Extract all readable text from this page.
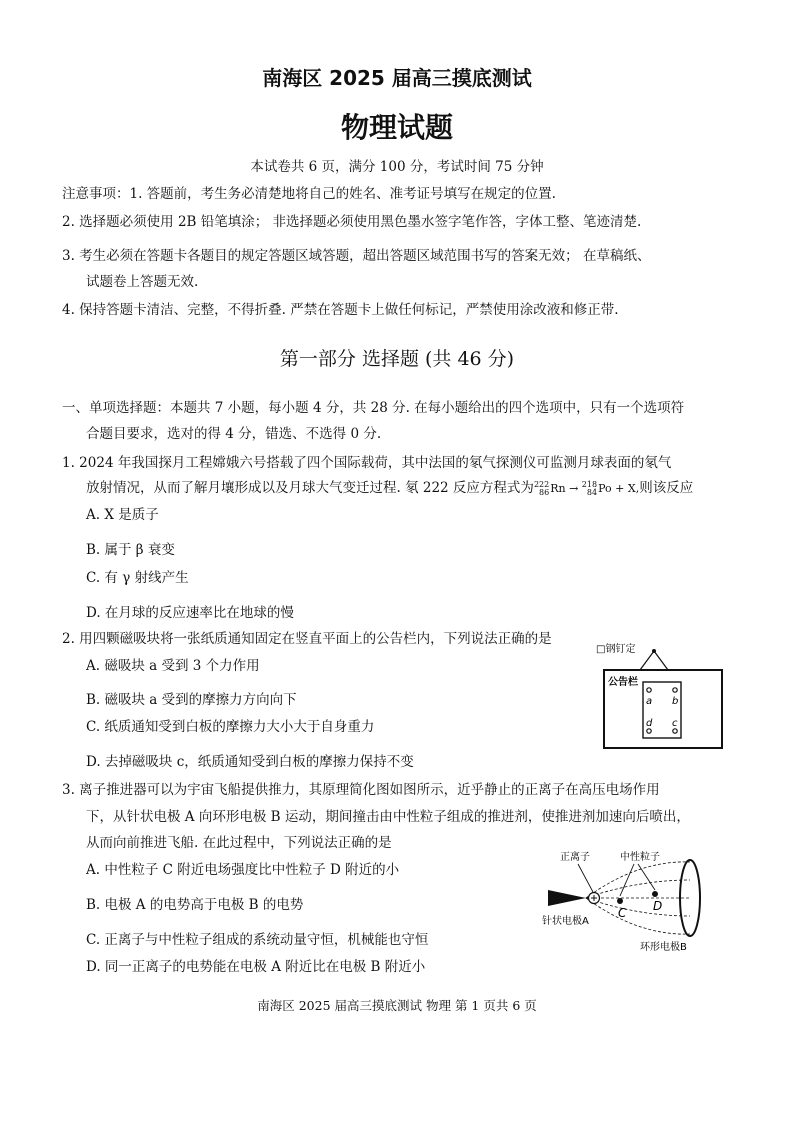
南海区 2025 届高三摸底测试
物理试题
本试卷共 6 页，满分 100 分，考试时间 75 分钟
注意事项：1. 答题前，考生务必清楚地将自己的姓名、准考证号填写在规定的位置.
2. 选择题必须使用 2B 铅笔填涂； 非选择题必须使用黑色墨水签字笔作答，字体工整、笔迹清楚.
3. 考生必须在答题卡各题目的规定答题区域答题，超出答题区域范围书写的答案无效； 在草稿纸、
试题卷上答题无效.
4. 保持答题卡清洁、完整，不得折叠. 严禁在答题卡上做任何标记，严禁使用涂改液和修正带.
第一部分 选择题 (共 46 分)
一、单项选择题：本题共 7 小题，每小题 4 分，共 28 分. 在每小题给出的四个选项中，只有一个选项符
合题目要求，选对的得 4 分，错选、不选得 0 分.
1. 2024 年我国探月工程嫦娥六号搭载了四个国际载荷，其中法国的氡气探测仪可监测月球表面的氡气
放射情况，从而了解月壤形成以及月球大气变迁过程. 氡 222 反应方程式为222
86Rn → 218
84Po + X,则该反应
A. X 是质子
B. 属于 β 衰变
C. 有 γ 射线产生
D. 在月球的反应速率比在地球的慢
2. 用四颗磁吸块将一张纸质通知固定在竖直平面上的公告栏内，下列说法正确的是
A. 磁吸块 a 受到 3 个力作用
B. 磁吸块 a 受到的摩擦力方向向下
C. 纸质通知受到白板的摩擦力大小大于自身重力
D. 去掉磁吸块 c，纸质通知受到白板的摩擦力保持不变
□钢钉定
公告栏
a b
d c
3. 离子推进器可以为宇宙飞船提供推力，其原理简化图如图所示，近乎静止的正离子在高压电场作用
下，从针状电极 A 向环形电极 B 运动，期间撞击由中性粒子组成的推进剂，使推进剂加速向后喷出，
从而向前推进飞船. 在此过程中，下列说法正确的是
A. 中性粒子 C 附近电场强度比中性粒子 D 附近的小
B. 电极 A 的电势高于电极 B 的电势
C. 正离子与中性粒子组成的系统动量守恒，机械能也守恒
D. 同一正离子的电势能在电极 A 附近比在电极 B 附近小
正离子	中性粒子
C D
针状电极A
环形电极B
南海区 2025 届高三摸底测试 物理 第 1 页共 6 页
